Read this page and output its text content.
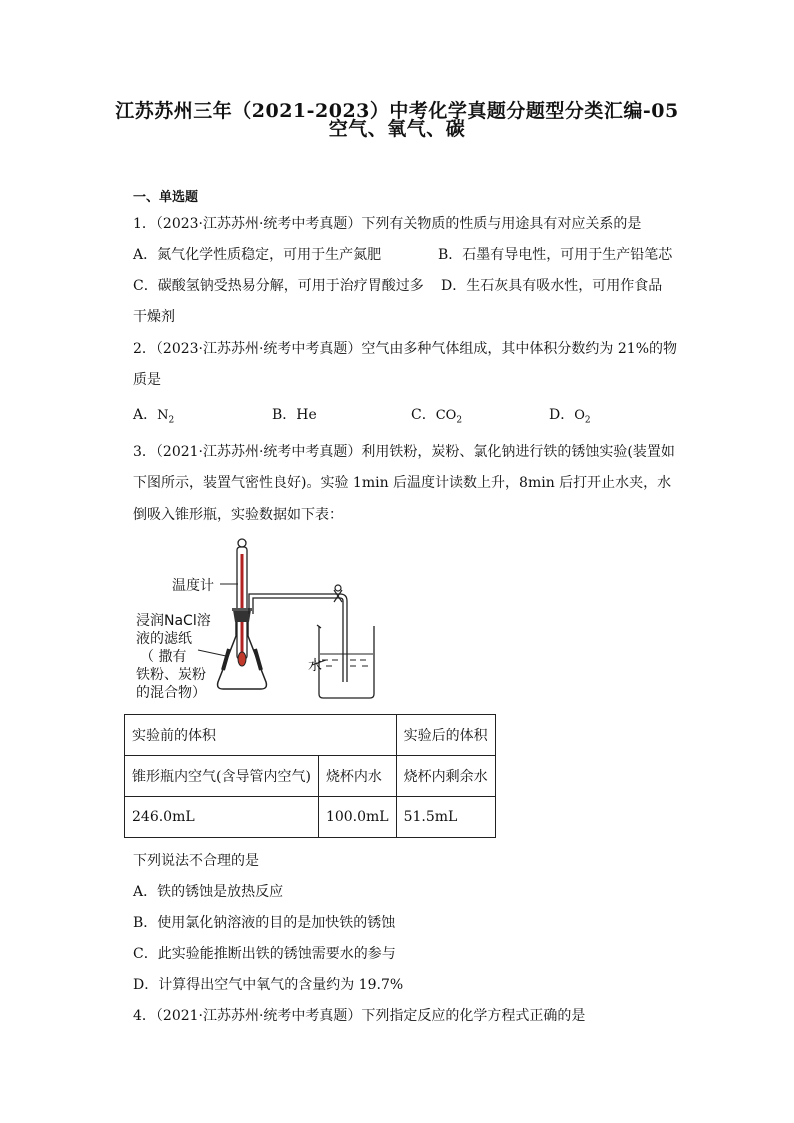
江苏苏州三年（2021-2023）中考化学真题分题型分类汇编-05
空气、氧气、碳
一、单选题
1．（2023·江苏苏州·统考中考真题）下列有关物质的性质与用途具有对应关系的是
A．氮气化学性质稳定，可用于生产氮肥	B．石墨有导电性，可用于生产铅笔芯
C．碳酸氢钠受热易分解，可用于治疗胃酸过多 D．生石灰具有吸水性，可用作食品
干燥剂
2．（2023·江苏苏州·统考中考真题）空气由多种气体组成，其中体积分数约为 21%的物
质是
A．$N_2$	B．He	C．$CO_2$	D．$O_2$
3．（2021·江苏苏州·统考中考真题）利用铁粉，炭粉、氯化钠进行铁的锈蚀实验(装置如
下图所示，装置气密性良好)。实验 1min 后温度计读数上升，8min 后打开止水夹，水
倒吸入锥形瓶，实验数据如下表：
温度计
浸润NaCl溶
液的滤纸
（ 撒有
铁粉、炭粉
的混合物）
水
实验前的体积		实验后的体积
锥形瓶内空气(含导管内空气)	烧杯内水	烧杯内剩余水
246.0mL	100.0mL	51.5mL
下列说法不合理的是
A．铁的锈蚀是放热反应
B．使用氯化钠溶液的目的是加快铁的锈蚀
C．此实验能推断出铁的锈蚀需要水的参与
D．计算得出空气中氧气的含量约为 19.7%
4．（2021·江苏苏州·统考中考真题）下列指定反应的化学方程式正确的是
